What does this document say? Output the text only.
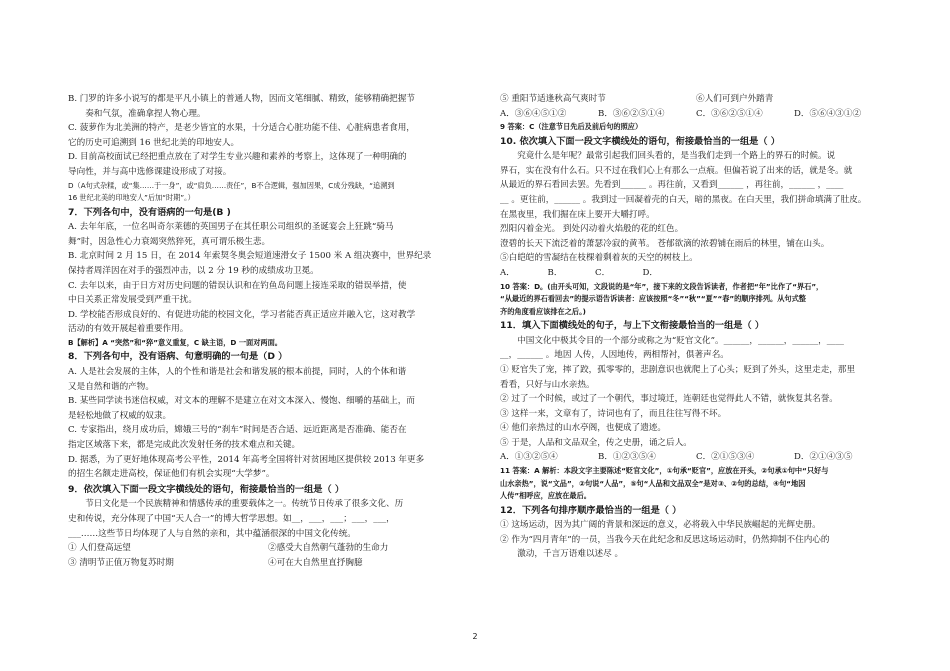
B. 门罗的许多小说写的都是平凡小镇上的普通人物，因而文笔细腻、精致，能够精确把握节

奏和气氛，准确拿捏人物心理。

C. 菠萝作为北美洲的特产，是老少皆宜的水果，十分适合心脏功能不佳、心脏病患者食用，

它的历史可追溯到 16 世纪北美的印地安人。

D. 目前高校面试已经把重点放在了对学生专业兴趣和素养的考察上，这体现了一种明确的

导向性，并与高中选修课建设形成了对接。

D（A句式杂糅，或“集……于一身”，或“肩负……责任”，B不合逻辑，强加因果，C成分残缺，“追溯到

16 世纪北美的印地安人”后加“时期”。）

7．下列各句中，没有语病的一句是(B )

A. 去年年底，一位名叫奇尔莱德的英国男子在其任职公司组织的圣诞宴会上狂跳“骑马

舞”时，因急性心力衰竭突然猝死，真可谓乐极生悲。

B. 北京时间 2 月 15 日，在 2014 年索契冬奥会短道速滑女子 1500 米 A 组决赛中，世界纪录

保持者周洋因在对手的强烈冲击，以 2 分 19 秒的成绩成功卫冕。

C. 去年以来，由于日方对历史问题的错误认识和在钓鱼岛问题上接连采取的错误举措，使

中日关系正常发展受到严重干扰。

D. 学校能否形成良好的、有促进功能的校园文化，学习者能否真正适应并融入它，这对教学

活动的有效开展起着重要作用。

B【解析】A “突然”和“猝”意义重复，C 缺主语，D 一面对两面。

8．下列各句中，没有语病、句意明确的一句是（D ）

A. 人是社会发展的主体，人的个性和谐是社会和谐发展的根本前提，同时，人的个体和谐

又是自然和谐的产物。

B. 某些同学读书迷信权威，对文本的理解不是建立在对文本深入、慢饱、细嚼的基础上，而

是轻松地做了权威的奴隶。

C. 专家指出，绕月成功后，嫦娥三号的“刹车”时间是否合适、远近距离是否准确、能否在

指定区域落下来，都是完成此次发射任务的技术难点和关键。

D. 据悉，为了更好地体现高考公平性，2014 年高考全国将针对贫困地区提供较 2013 年更多

的招生名额走进高校，保证他们有机会实现“大学梦”。

9．依次填入下面一段文字横线处的语句，衔接最恰当的一组是（ ）

节日文化是一个民族精神和情感传承的重要载体之一。传统节日传承了很多文化、历

史和传说，充分体现了中国“天人合一”的博大哲学思想。如__，___，___；___，___，

___……这些节日均体现了人与自然的亲和，其中蕴涵很深的中国文化传统。

① 人们登高远望	②感受大自然朝气蓬勃的生命力
③ 清明节正值万物复苏时期	④可在大自然里直抒胸臆
⑤ 重阳节适逢秋高气爽时节	⑥人们可到户外踏青
A．③⑥④⑤①②	B．③⑥②⑤①④	C．③⑥②⑤①④	D．⑤⑥④③①②

9 答案：C（注意节日先后及前后句的照应）

10. 依次填入下面一段文字横线处的语句，衔接最恰当的一组是（ ）

究竟什么是年呢？最常引起我们回头看的，是当我们走到一个路上的界石的时候。说

界石，实在没有什么石。只不过在我们心上有那么一点痕。但偏若说了出来的话，就是冬。就

从最近的界石看回去罢。先看到______ 。再往前，又看到______ ，再往前，______ ，____

__ 。更往前，______ 。我到过一回凝着壳的白天，暗的黑夜。在白天里，我们拼命填满了肚皮。

在黑夜里，我们掘在床上要开大嚼打呼。

烈阳闪着金光。 到处闪动着火焰般的花的红色。

澄碧的长天下流泛着的萧瑟冷寂的黄苇。 苍郁欲滴的浓碧铺在雨后的林里，铺在山头。

⑤白皑皑的雪凝结在枝棵着剩着灰的天空的树枝上。

A．	B．	C．	D．

10 答案：D。(由开头可知，文段说的是“年”，接下来的文段告诉读者，作者把“年”比作了“界石”，

“从最近的界石看回去”的提示语告诉读者：应该按照“冬”“秋”“夏”“春”的顺序排列。从句式整

齐的角度看应该排在之后。)

11．填入下面横线处的句子，与上下文衔接最恰当的一组是（ ）

中国文化中极其令目的一个部分或称之为“贬官文化”。______，______，______，____

__，______ 。地因 人传，人因地传，两相帮衬，俱著声名。

① 贬官失了宠，摔了跤，孤零零的，悲剧意识也就爬上了心头；贬到了外头，这里走走，那里

看看，只好与山水亲热。

② 过了一个时候，或过了一个朝代，事过境迁，连朝廷也觉得此人不错，就恢复其名誉。

③ 这样一来，文章有了，诗词也有了，而且往往写得不坏。

④ 他们亲热过的山水亭阁，也便成了遗迹。

⑤ 于是，人品和文品双全，传之史册，诵之后人。

A．①③②⑤④	B．①②③⑤④	C．②①⑤③④	D．②①④③⑤

11 答案：A 解析：本段文字主要陈述“贬官文化”，①句承“贬官”，应放在开头，②句承①句中“只好与

山水亲热”，说“文品”，②句说“人品”，⑤句“人品和文品双全”是对③、②句的总结，④句“地因

人传”相呼应，应放在最后。

12．下列各句排序顺序最恰当的一组是（ ）

① 这场运动，因为其广阔的背景和深远的意义，必将载入中华民族崛起的光辉史册。

② 作为“四月青年”的一员，当我今天在此纪念和反思这场运动时，仍然抑制不住内心的

激动，千言万语难以述尽 。

2
